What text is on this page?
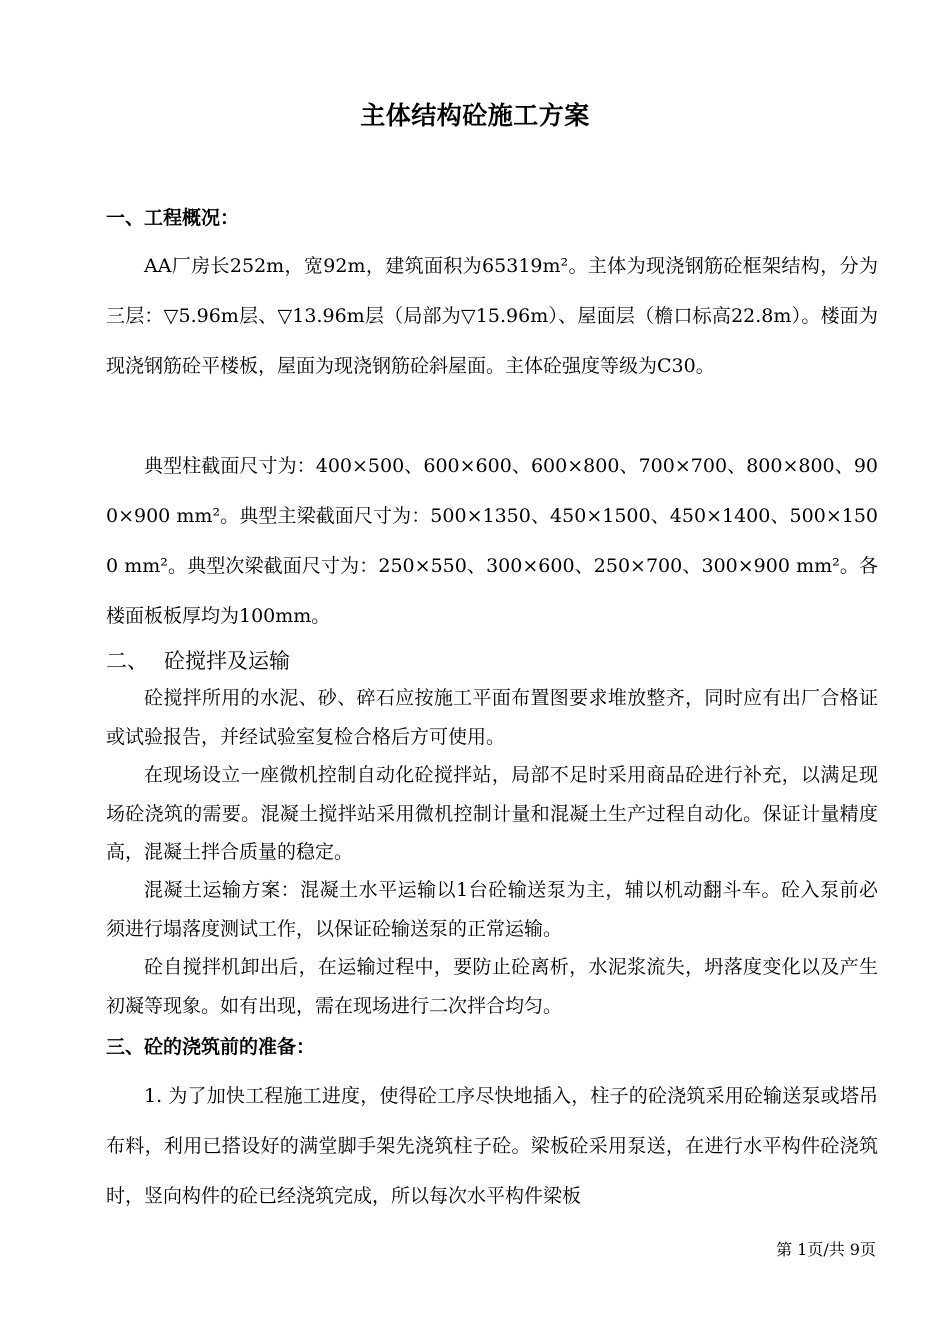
主体结构砼施工方案
一、工程概况：

AA厂房长252m，宽92m，建筑面积为65319m²。主体为现浇钢筋砼框架结构，分为三层：▽5.96m层、▽13.96m层（局部为▽15.96m）、屋面层（檐口标高22.8m）。楼面为现浇钢筋砼平楼板，屋面为现浇钢筋砼斜屋面。主体砼强度等级为C30。

典型柱截面尺寸为：400×500、600×600、600×800、700×700、800×800、900×900 mm²。典型主梁截面尺寸为：500×1350、450×1500、450×1400、500×1500 mm²。典型次梁截面尺寸为：250×550、300×600、250×700、300×900 mm²。各楼面板板厚均为100mm。

二、 砼搅拌及运输

砼搅拌所用的水泥、砂、碎石应按施工平面布置图要求堆放整齐，同时应有出厂合格证或试验报告，并经试验室复检合格后方可使用。

在现场设立一座微机控制自动化砼搅拌站，局部不足时采用商品砼进行补充，以满足现场砼浇筑的需要。混凝土搅拌站采用微机控制计量和混凝土生产过程自动化。保证计量精度高，混凝土拌合质量的稳定。

混凝土运输方案：混凝土水平运输以1台砼输送泵为主，辅以机动翻斗车。砼入泵前必须进行塌落度测试工作，以保证砼输送泵的正常运输。

砼自搅拌机卸出后，在运输过程中，要防止砼离析，水泥浆流失，坍落度变化以及产生初凝等现象。如有出现，需在现场进行二次拌合均匀。

三、砼的浇筑前的准备：

1. 为了加快工程施工进度，使得砼工序尽快地插入，柱子的砼浇筑采用砼输送泵或塔吊布料，利用已搭设好的满堂脚手架先浇筑柱子砼。梁板砼采用泵送，在进行水平构件砼浇筑时，竖向构件的砼已经浇筑完成，所以每次水平构件梁板

第 1页/共 9页
